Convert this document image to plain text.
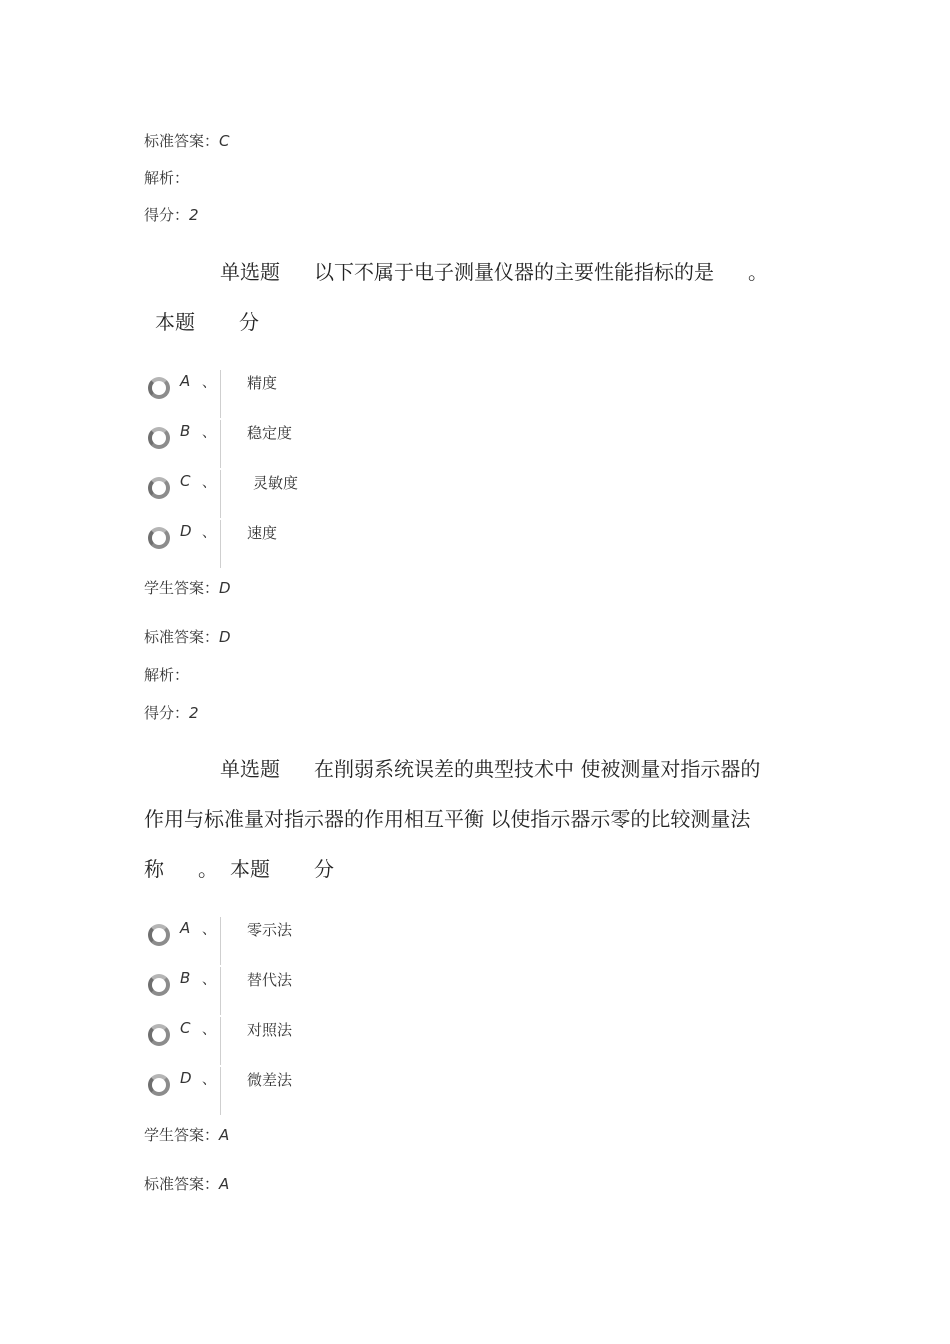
标准答案：C
解析：
得分：2
单选题 以下不属于电子测量仪器的主要性能指标的是 。
本题 分
A 、 精度
B 、 稳定度
C 、 灵敏度
D 、 速度
学生答案：D
标准答案：D
解析：
得分：2
单选题 在削弱系统误差的典型技术中 使被测量对指示器的
作用与标准量对指示器的作用相互平衡 以使指示器示零的比较测量法
称 。 本题 分
A 、 零示法
B 、 替代法
C 、 对照法
D 、 微差法
学生答案：A
标准答案：A
